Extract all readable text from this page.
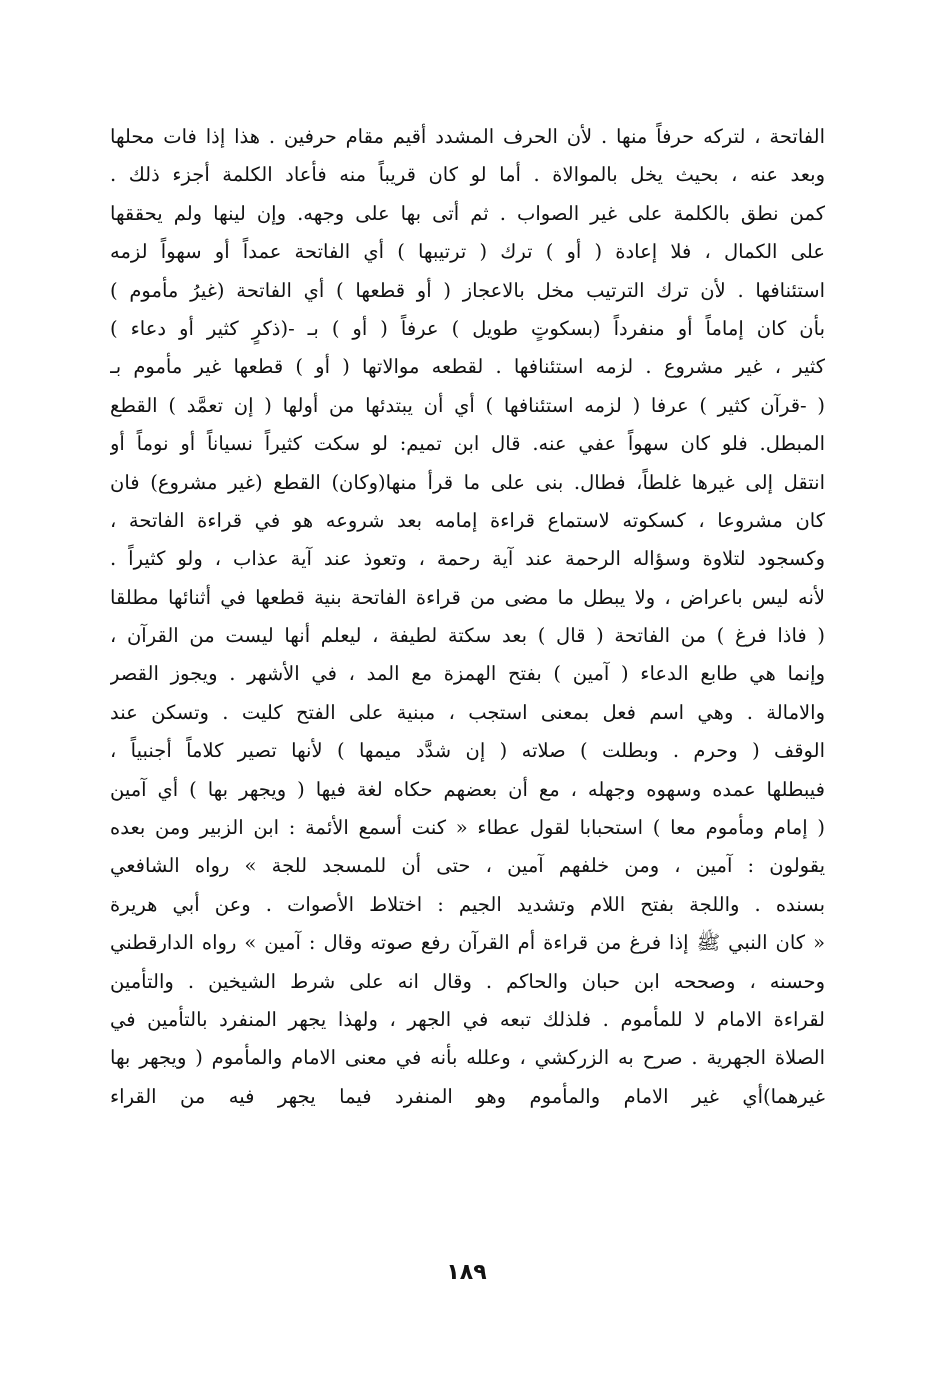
الفاتحة ، لتركه حرفاً منها . لأن الحرف المشدد أقيم مقام حرفين . هذا إذا فات محلها
وبعد عنه ، بحيث يخل بالموالاة . أما لو كان قريباً منه فأعاد الكلمة أجزء ذلك .
كمن نطق بالكلمة على غير الصواب . ثم أتى بها على وجهه. وإن لينها ولم يحققها
على الكمال ، فلا إعادة ( أو ) ترك ( ترتيبها ) أي الفاتحة عمداً أو سهواً لزمه
استئنافها . لأن ترك الترتيب مخل بالاعجاز ( أو قطعها ) أي الفاتحة (غيرُ مأموم )
بأن كان إماماً أو منفرداً (بسكوتٍ طويل ) عرفاً ( أو ) بـ -(ذكرٍ كثير أو دعاء )
كثير ، غير مشروع . لزمه استئنافها . لقطعه موالاتها ( أو ) قطعها غير مأموم بـ
( -قرآن كثير ) عرفا ( لزمه استئنافها ) أي أن يبتدئها من أولها ( إن تعمَّد ) القطع
المبطل. فلو كان سهواً عفي عنه. قال ابن تميم: لو سكت كثيراً نسياناً أو نوماً أو
انتقل إلى غيرها غلطاً، فطال. بنى على ما قرأ منها(وكان) القطع (غير مشروع) فان
كان مشروعا ، كسكوته لاستماع قراءة إمامه بعد شروعه هو في قراءة الفاتحة ،
وكسجود لتلاوة وسؤاله الرحمة عند آية رحمة ، وتعوذ عند آية عذاب ، ولو كثيراً .
لأنه ليس باعراض ، ولا يبطل ما مضى من قراءة الفاتحة بنية قطعها في أثنائها مطلقا
( فاذا فرغ ) من الفاتحة ( قال ) بعد سكتة لطيفة ، ليعلم أنها ليست من القرآن ،
وإنما هي طابع الدعاء ( آمين ) بفتح الهمزة مع المد ، في الأشهر . ويجوز القصر
والامالة . وهي اسم فعل بمعنى استجب ، مبنية على الفتح كليت . وتسكن عند
الوقف ( وحرم . وبطلت ) صلاته ( إن شدَّد ميمها ) لأنها تصير كلاماً أجنبياً ،
فيبطلها عمده وسهوه وجهله ، مع أن بعضهم حكاه لغة فيها ( ويجهر بها ) أي آمين
( إمام ومأموم معا ) استحبابا لقول عطاء « كنت أسمع الأئمة : ابن الزبير ومن بعده
يقولون : آمين ، ومن خلفهم آمين ، حتى أن للمسجد للجة » رواه الشافعي
بسنده . واللجة بفتح اللام وتشديد الجيم : اختلاط الأصوات . وعن أبي هريرة
« كان النبي ﷺ إذا فرغ من قراءة أم القرآن رفع صوته وقال : آمين » رواه الدارقطني
وحسنه ، وصححه ابن حبان والحاكم . وقال انه على شرط الشيخين . والتأمين
لقراءة الامام لا للمأموم . فلذلك تبعه في الجهر ، ولهذا يجهر المنفرد بالتأمين في
الصلاة الجهرية . صرح به الزركشي ، وعلله بأنه في معنى الامام والمأموم ( ويجهر بها
غيرهما)أي غير الامام والمأموم وهو المنفرد فيما يجهر فيه من القراء
١٨٩
